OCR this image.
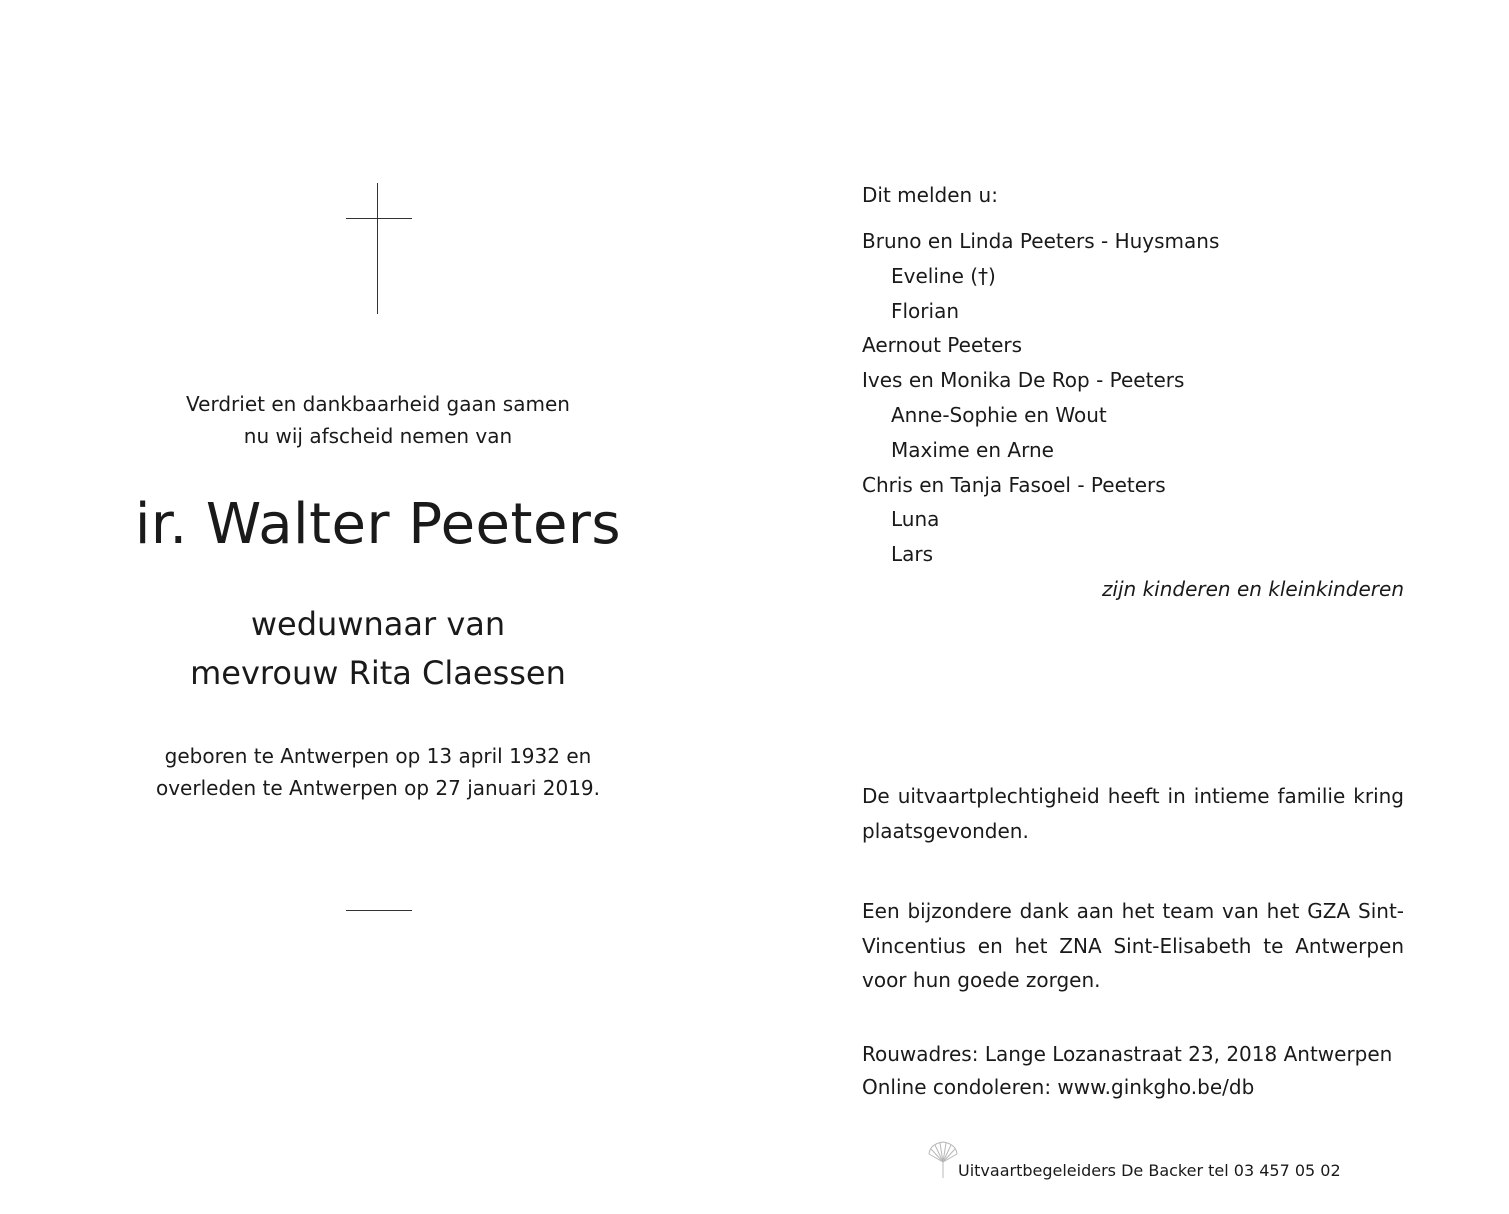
Verdriet en dankbaarheid gaan samen
nu wij afscheid nemen van
ir. Walter Peeters
weduwnaar van
mevrouw Rita Claessen
geboren te Antwerpen op 13 april 1932 en
overleden te Antwerpen op 27 januari 2019.
Dit melden u:
Bruno en Linda Peeters - Huysmans
Eveline (†)
Florian
Aernout Peeters
Ives en Monika De Rop - Peeters
Anne-Sophie en Wout
Maxime en Arne
Chris en Tanja Fasoel - Peeters
Luna
Lars
zijn kinderen en kleinkinderen
De uitvaartplechtigheid heeft in intieme familie kring plaatsgevonden.
Een bijzondere dank aan het team van het GZA Sint-Vincentius en het ZNA Sint-Elisabeth te Antwerpen voor hun goede zorgen.
Rouwadres: Lange Lozanastraat 23, 2018 Antwerpen
Online condoleren: www.ginkgho.be/db
Uitvaartbegeleiders De Backer tel 03 457 05 02
